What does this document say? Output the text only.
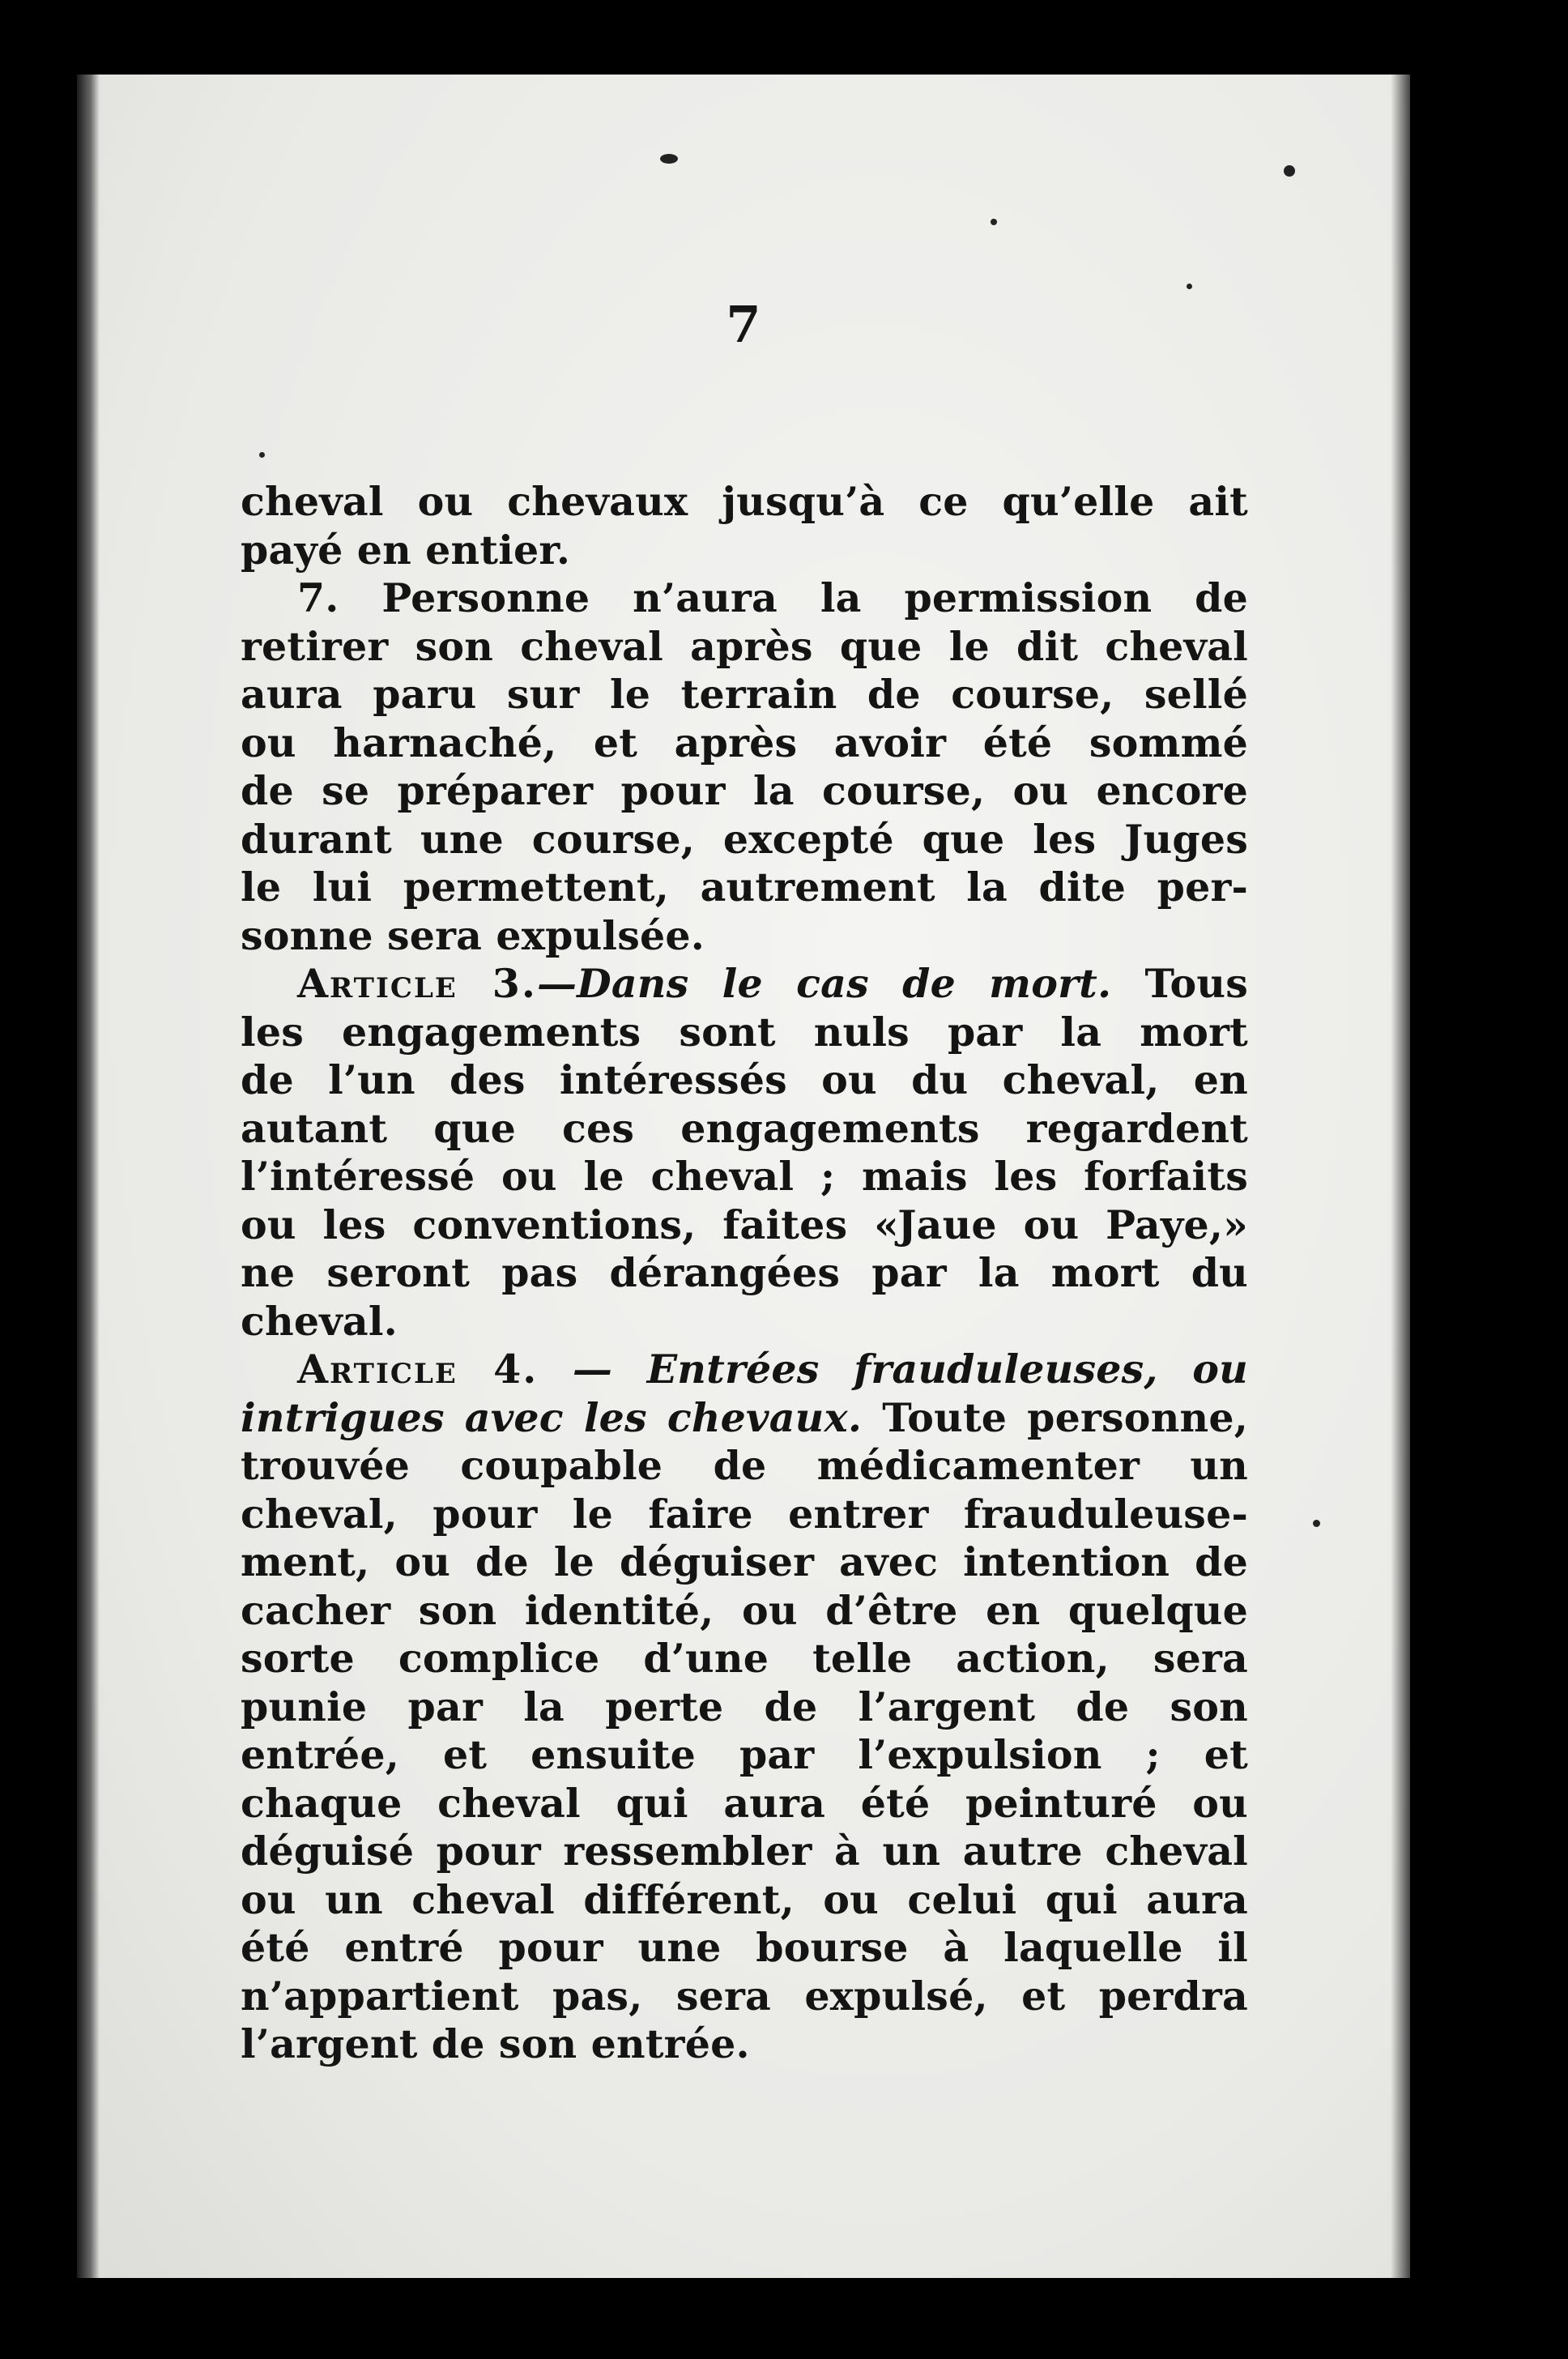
7
cheval ou chevaux jusqu’à ce qu’elle ait
payé en entier.
7. Personne n’aura la permission de
retirer son cheval après que le dit cheval
aura paru sur le terrain de course, sellé
ou harnaché, et après avoir été sommé
de se préparer pour la course, ou encore
durant une course, excepté que les Juges
le lui permettent, autrement la dite per-
sonne sera expulsée.
Article 3.—Dans le cas de mort. Tous
les engagements sont nuls par la mort
de l’un des intéressés ou du cheval, en
autant que ces engagements regardent
l’intéressé ou le cheval ; mais les forfaits
ou les conventions, faites «Jaue ou Paye,»
ne seront pas dérangées par la mort du
cheval.
Article 4. — Entrées frauduleuses, ou
intrigues avec les chevaux. Toute personne,
trouvée coupable de médicamenter un
cheval, pour le faire entrer frauduleuse-
ment, ou de le déguiser avec intention de
cacher son identité, ou d’être en quelque
sorte complice d’une telle action, sera
punie par la perte de l’argent de son
entrée, et ensuite par l’expulsion ; et
chaque cheval qui aura été peinturé ou
déguisé pour ressembler à un autre cheval
ou un cheval différent, ou celui qui aura
été entré pour une bourse à laquelle il
n’appartient pas, sera expulsé, et perdra
l’argent de son entrée.
